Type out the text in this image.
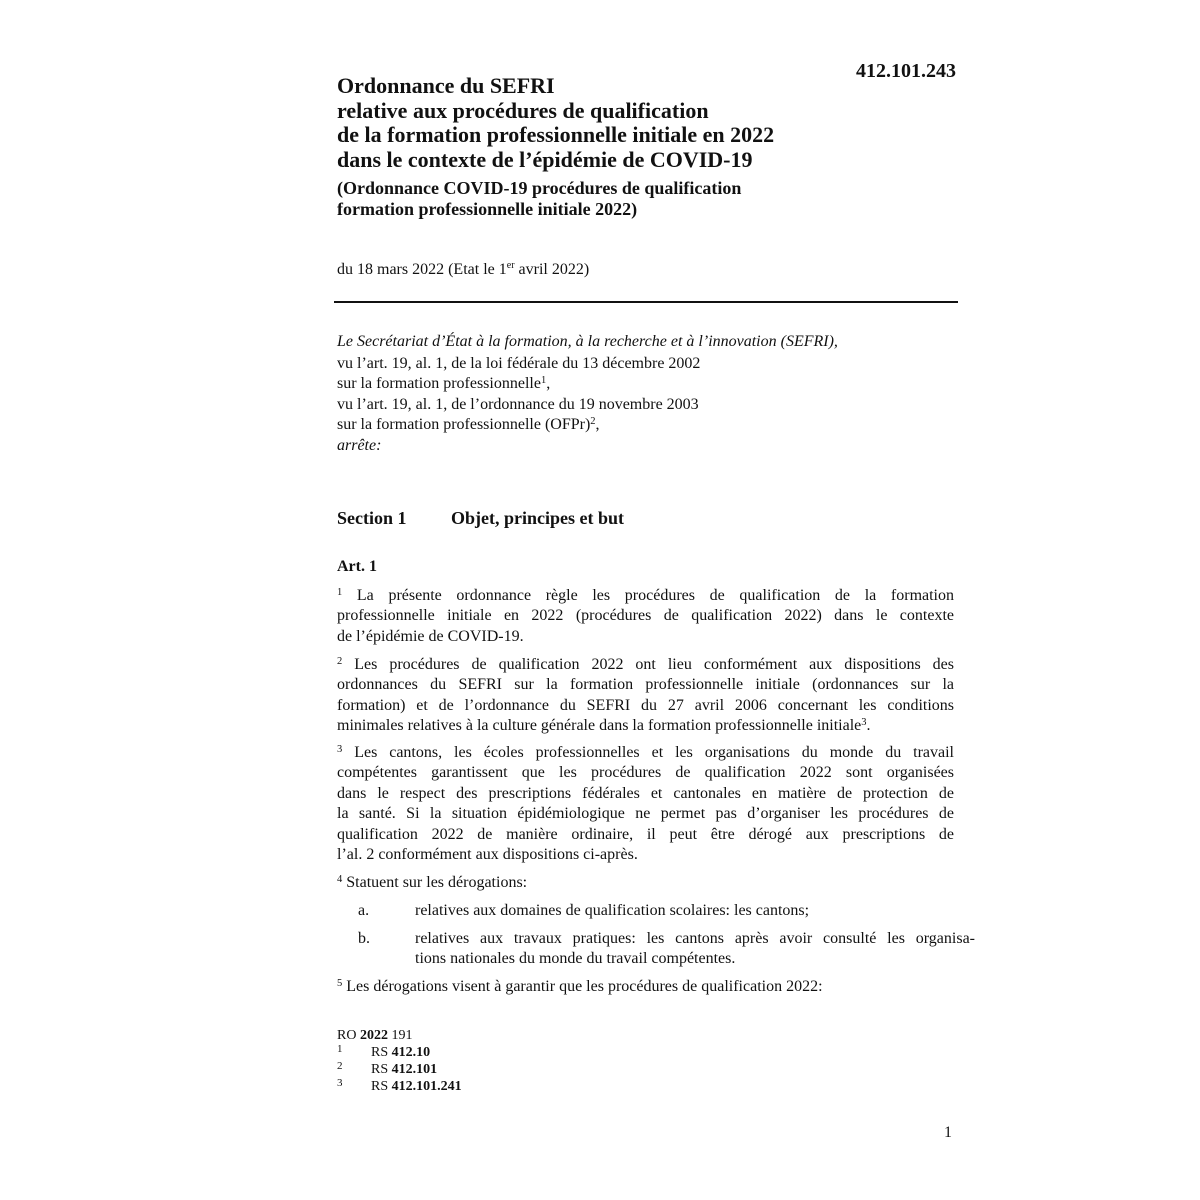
412.101.243
Ordonnance du SEFRI
relative aux procédures de qualification
de la formation professionnelle initiale en 2022
dans le contexte de l’épidémie de COVID-19
(Ordonnance COVID-19 procédures de qualification
formation professionnelle initiale 2022)
du 18 mars 2022 (Etat le 1er avril 2022)
Le Secrétariat d’État à la formation, à la recherche et à l’innovation (SEFRI),
vu l’art. 19, al. 1, de la loi fédérale du 13 décembre 2002
sur la formation professionnelle$^1$,
vu l’art. 19, al. 1, de l’ordonnance du 19 novembre 2003
sur la formation professionnelle (OFPr)$^2$,
arrête:
Section 1 Objet, principes et but
Art. 1
$^1$ La présente ordonnance règle les procédures de qualification de la formation
professionnelle initiale en 2022 (procédures de qualification 2022) dans le contexte
de l’épidémie de COVID-19.
$^2$ Les procédures de qualification 2022 ont lieu conformément aux dispositions des
ordonnances du SEFRI sur la formation professionnelle initiale (ordonnances sur la
formation) et de l’ordonnance du SEFRI du 27 avril 2006 concernant les conditions
minimales relatives à la culture générale dans la formation professionnelle initiale$^3$.
$^3$ Les cantons, les écoles professionnelles et les organisations du monde du travail
compétentes garantissent que les procédures de qualification 2022 sont organisées
dans le respect des prescriptions fédérales et cantonales en matière de protection de
la santé. Si la situation épidémiologique ne permet pas d’organiser les procédures de
qualification 2022 de manière ordinaire, il peut être dérogé aux prescriptions de
l’al. 2 conformément aux dispositions ci-après.
$^4$ Statuent sur les dérogations:
a.	relatives aux domaines de qualification scolaires: les cantons;
b.	relatives aux travaux pratiques: les cantons après avoir consulté les organisa-
tions nationales du monde du travail compétentes.
$^5$ Les dérogations visent à garantir que les procédures de qualification 2022:
RO 2022 191
1 RS 412.10
2 RS 412.101
3 RS 412.101.241
1
